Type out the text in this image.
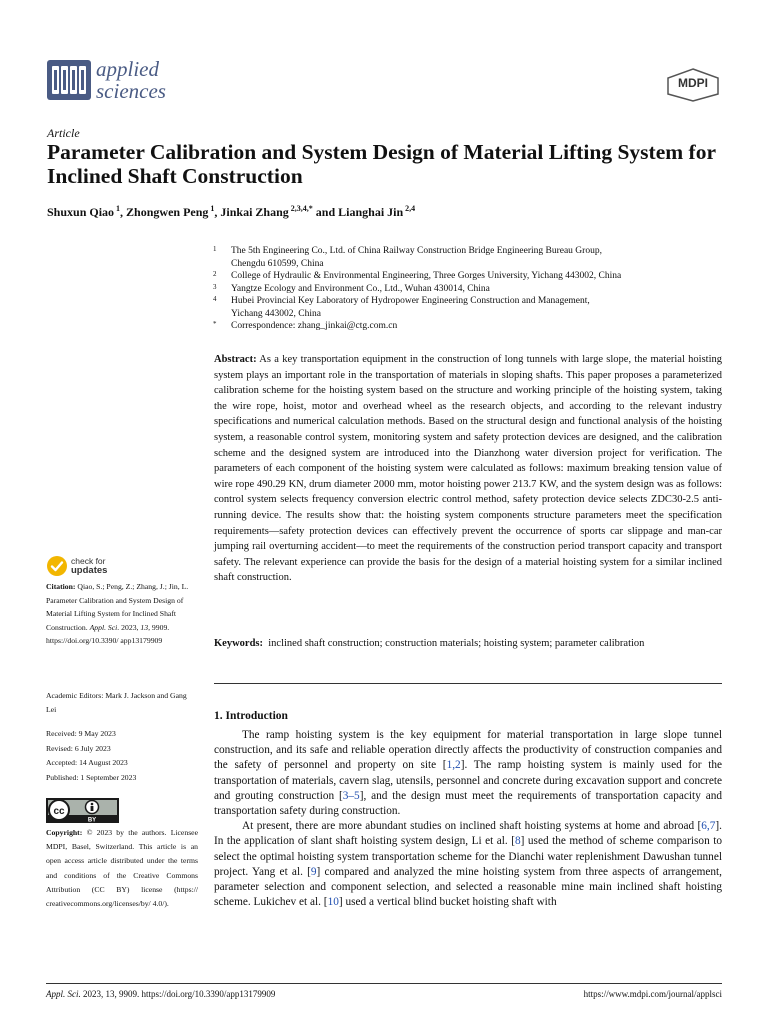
applied
sciences	MDPI
Article
Parameter Calibration and System Design of Material Lifting System for Inclined Shaft Construction
Shuxun Qiao $^1$, Zhongwen Peng $^1$, Jinkai Zhang $^{2,3,4,*}$ and Lianghai Jin $^{2,4}$
1 The 5th Engineering Co., Ltd. of China Railway Construction Bridge Engineering Bureau Group,
Chengdu 610599, China
2 College of Hydraulic & Environmental Engineering, Three Gorges University, Yichang 443002, China
3 Yangtze Ecology and Environment Co., Ltd., Wuhan 430014, China
4 Hubei Provincial Key Laboratory of Hydropower Engineering Construction and Management,
Yichang 443002, China
* Correspondence: zhang_jinkai@ctg.com.cn
Abstract: As a key transportation equipment in the construction of long tunnels with large slope, the material hoisting system plays an important role in the transportation of materials in sloping shafts. This paper proposes a parameterized calibration scheme for the hoisting system based on the structure and working principle of the hoisting system, taking the wire rope, hoist, motor and overhead wheel as the research objects, and according to the relevant industry specifications and numerical calculation methods. Based on the structural design and functional analysis of the hoisting system, a reasonable control system, monitoring system and safety protection devices are designed, and the calibration scheme and the designed system are introduced into the Dianzhong water diversion project for verification. The parameters of each component of the hoisting system were calculated as follows: maximum breaking tension value of wire rope 490.29 KN, drum diameter 2000 mm, motor hoisting power 213.7 KW, and the system design was as follows: control system selects frequency conversion electric control method, safety protection device selects ZDC30-2.5 anti-running device. The results show that: the hoisting system components structure parameters meet the specification requirements—safety protection devices can effectively prevent the occurrence of sports car slippage and man-car jumping rail overturning accident—to meet the requirements of the construction period transport capacity and transport safety. The relevant experience can provide the basis for the design of a material hoisting system for a similar inclined shaft construction.
Keywords: inclined shaft construction; construction materials; hoisting system; parameter calibration
check for
updates
Citation: Qiao, S.; Peng, Z.; Zhang, J.; Jin, L. Parameter Calibration and System Design of Material Lifting System for Inclined Shaft Construction. Appl. Sci. 2023, 13, 9909. https://doi.org/10.3390/ app13179909
Academic Editors: Mark J. Jackson and Gang Lei
Received: 9 May 2023
Revised: 6 July 2023
Accepted: 14 August 2023
Published: 1 September 2023
cc
BY
Copyright: © 2023 by the authors. Licensee MDPI, Basel, Switzerland. This article is an open access article distributed under the terms and conditions of the Creative Commons Attribution (CC BY) license (https:// creativecommons.org/licenses/by/ 4.0/).
1. Introduction

The ramp hoisting system is the key equipment for material transportation in large slope tunnel construction, and its safe and reliable operation directly affects the productivity of construction companies and the safety of personnel and property on site [1,2]. The ramp hoisting system is mainly used for the transportation of materials, cavern slag, utensils, personnel and concrete during excavation support and concrete and grouting construction [3–5], and the design must meet the requirements of transportation capacity and transportation safety during construction.

At present, there are more abundant studies on inclined shaft hoisting systems at home and abroad [6,7]. In the application of slant shaft hoisting system design, Li et al. [8] used the method of scheme comparison to select the optimal hoisting system transportation scheme for the Dianchi water replenishment Dawushan tunnel project. Yang et al. [9] compared and analyzed the mine hoisting system from three aspects of arrangement, parameter selection and component selection, and selected a reasonable mine main inclined shaft hoisting scheme. Lukichev et al. [10] used a vertical blind bucket hoisting shaft with

Appl. Sci. 2023, 13, 9909. https://doi.org/10.3390/app13179909	https://www.mdpi.com/journal/applsci
